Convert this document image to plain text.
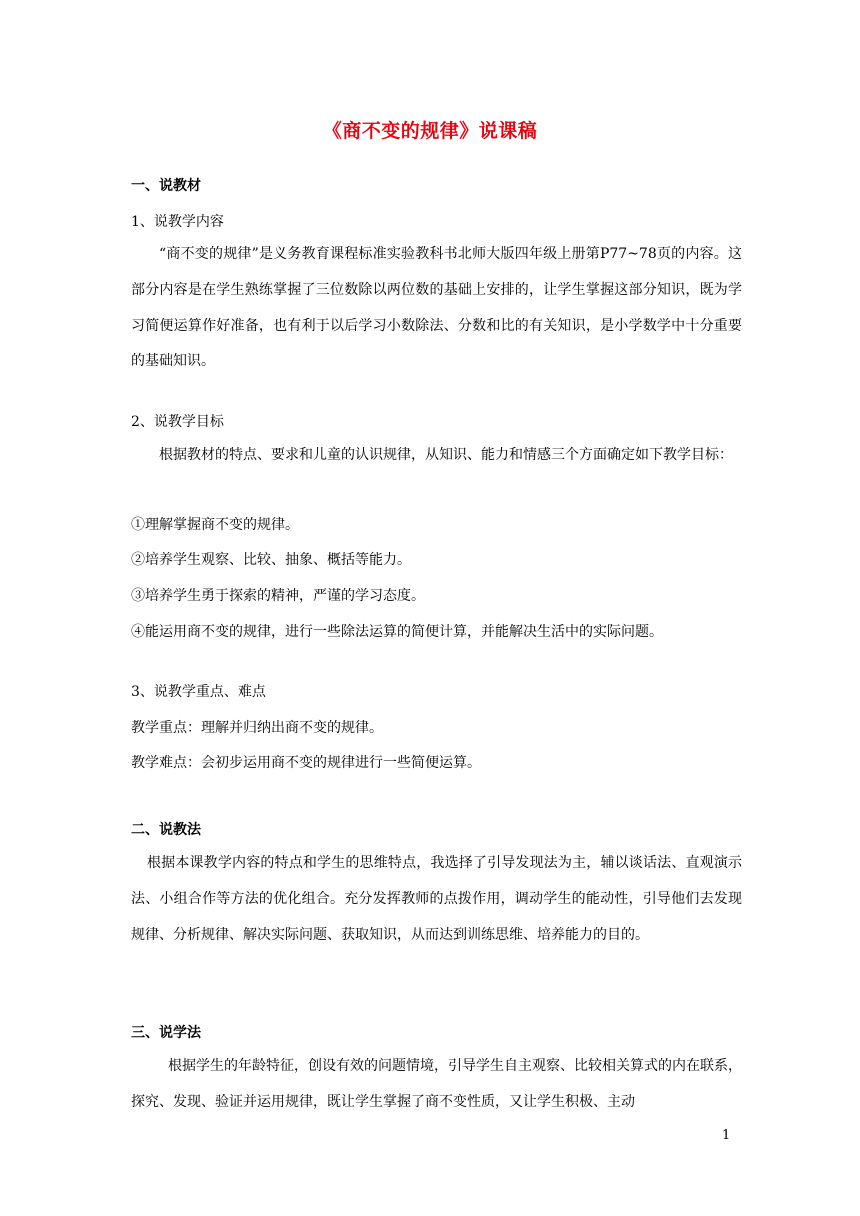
《商不变的规律》说课稿

一、说教材

1、说教学内容

“商不变的规律”是义务教育课程标准实验教科书北师大版四年级上册第P77~78页的内容。这部分内容是在学生熟练掌握了三位数除以两位数的基础上安排的，让学生掌握这部分知识，既为学习简便运算作好准备，也有利于以后学习小数除法、分数和比的有关知识，是小学数学中十分重要的基础知识。

2、说教学目标

根据教材的特点、要求和儿童的认识规律，从知识、能力和情感三个方面确定如下教学目标：

①理解掌握商不变的规律。

②培养学生观察、比较、抽象、概括等能力。

③培养学生勇于探索的精神，严谨的学习态度。

④能运用商不变的规律，进行一些除法运算的简便计算，并能解决生活中的实际问题。

3、说教学重点、难点

教学重点：理解并归纳出商不变的规律。

教学难点：会初步运用商不变的规律进行一些简便运算。

二、说教法

根据本课教学内容的特点和学生的思维特点，我选择了引导发现法为主，辅以谈话法、直观演示法、小组合作等方法的优化组合。充分发挥教师的点拨作用，调动学生的能动性，引导他们去发现规律、分析规律、解决实际问题、获取知识，从而达到训练思维、培养能力的目的。

三、说学法

根据学生的年龄特征，创设有效的问题情境，引导学生自主观察、比较相关算式的内在联系，探究、发现、验证并运用规律，既让学生掌握了商不变性质，又让学生积极、主动

1
